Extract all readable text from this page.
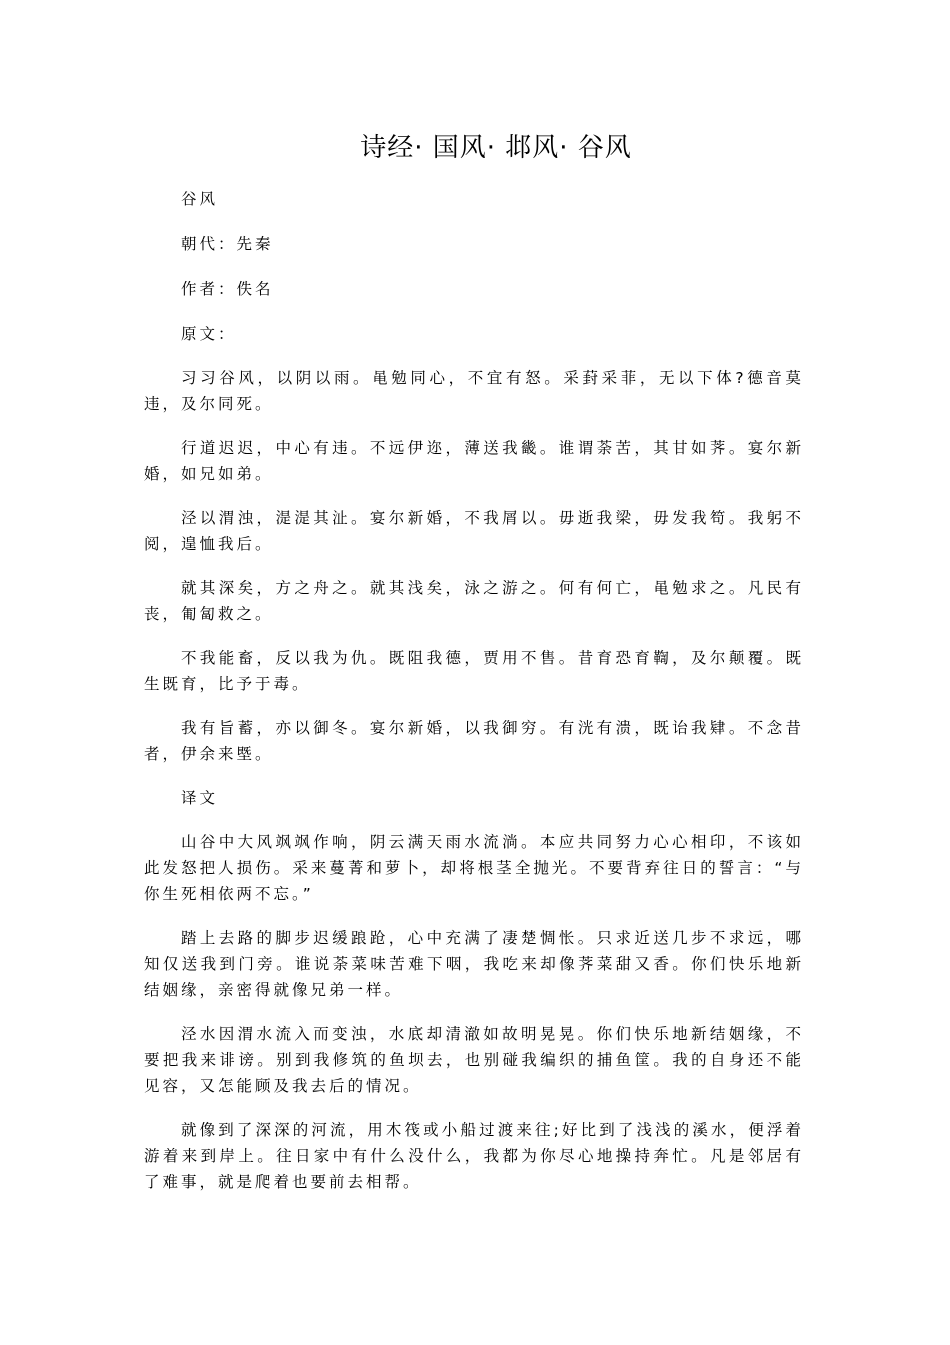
诗经· 国风· 邶风· 谷风

谷风

朝代：先秦

作者：佚名

原文：

习习谷风，以阴以雨。黾勉同心，不宜有怒。采葑采菲，无以下体?德音莫违，及尔同死。

行道迟迟，中心有违。不远伊迩，薄送我畿。谁谓荼苦，其甘如荠。宴尔新婚，如兄如弟。

泾以渭浊，湜湜其沚。宴尔新婚，不我屑以。毋逝我梁，毋发我笱。我躬不阅，遑恤我后。

就其深矣，方之舟之。就其浅矣，泳之游之。何有何亡，黾勉求之。凡民有丧，匍匐救之。

不我能畜，反以我为仇。既阻我德，贾用不售。昔育恐育鞫，及尔颠覆。既生既育，比予于毒。

我有旨蓄，亦以御冬。宴尔新婚，以我御穷。有洸有溃，既诒我肄。不念昔者，伊余来塈。

译文

山谷中大风飒飒作响，阴云满天雨水流淌。本应共同努力心心相印，不该如此发怒把人损伤。采来蔓菁和萝卜，却将根茎全抛光。不要背弃往日的誓言：“与你生死相依两不忘。”

踏上去路的脚步迟缓踉跄，心中充满了凄楚惆怅。只求近送几步不求远，哪知仅送我到门旁。谁说荼菜味苦难下咽，我吃来却像荠菜甜又香。你们快乐地新结姻缘，亲密得就像兄弟一样。

泾水因渭水流入而变浊，水底却清澈如故明晃晃。你们快乐地新结姻缘，不要把我来诽谤。别到我修筑的鱼坝去，也别碰我编织的捕鱼筐。我的自身还不能见容，又怎能顾及我去后的情况。

就像到了深深的河流，用木筏或小船过渡来往;好比到了浅浅的溪水，便浮着游着来到岸上。往日家中有什么没什么，我都为你尽心地操持奔忙。凡是邻居有了难事，就是爬着也要前去相帮。
